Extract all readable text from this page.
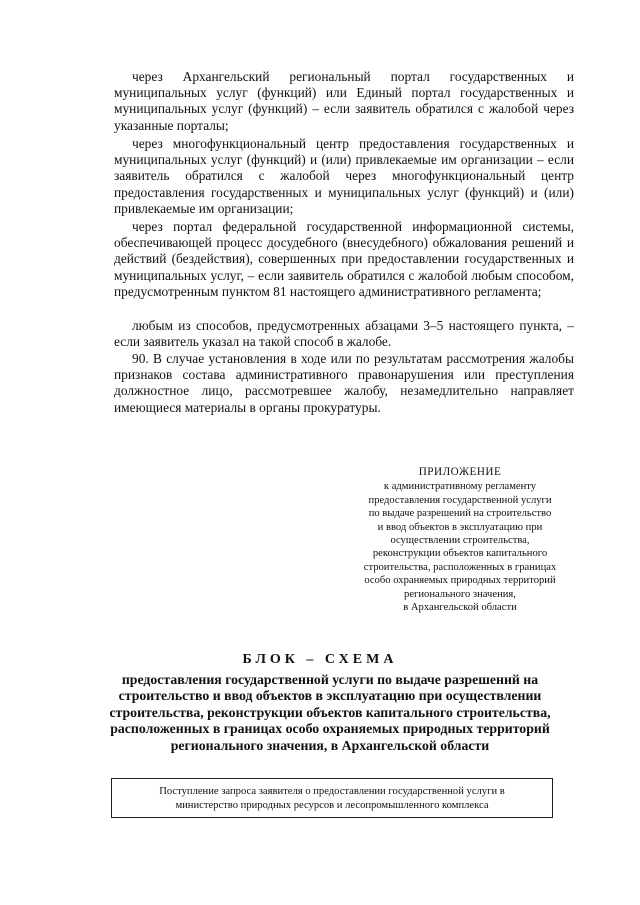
через Архангельский региональный портал государственных и муниципальных услуг (функций) или Единый портал государственных и муниципальных услуг (функций) – если заявитель обратился с жалобой через указанные порталы;

через многофункциональный центр предоставления государственных и муниципальных услуг (функций) и (или) привлекаемые им организации – если заявитель обратился с жалобой через многофункциональный центр предоставления государственных и муниципальных услуг (функций) и (или) привлекаемые им организации;

через портал федеральной государственной информационной системы, обеспечивающей процесс досудебного (внесудебного) обжалования решений и действий (бездействия), совершенных при предоставлении государственных и муниципальных услуг, – если заявитель обратился с жалобой любым способом, предусмотренным пунктом 81 настоящего административного регламента;

любым из способов, предусмотренных абзацами 3–5 настоящего пункта, – если заявитель указал на такой способ в жалобе.

90. В случае установления в ходе или по результатам рассмотрения жалобы признаков состава административного правонарушения или преступления должностное лицо, рассмотревшее жалобу, незамедлительно направляет имеющиеся материалы в органы прокуратуры.

ПРИЛОЖЕНИЕ
к административному регламенту
предоставления государственной услуги
по выдаче разрешений на строительство
и ввод объектов в эксплуатацию при
осуществлении строительства,
реконструкции объектов капитального
строительства, расположенных в границах
особо охраняемых природных территорий
регионального значения,
в Архангельской области
БЛОК – СХЕМА
предоставления государственной услуги по выдаче разрешений на
строительство и ввод объектов в эксплуатацию при осуществлении
строительства, реконструкции объектов капитального строительства,
расположенных в границах особо охраняемых природных территорий
регионального значения, в Архангельской области
Поступление запроса заявителя о предоставлении государственной услуги в
министерство природных ресурсов и лесопромышленного комплекса
